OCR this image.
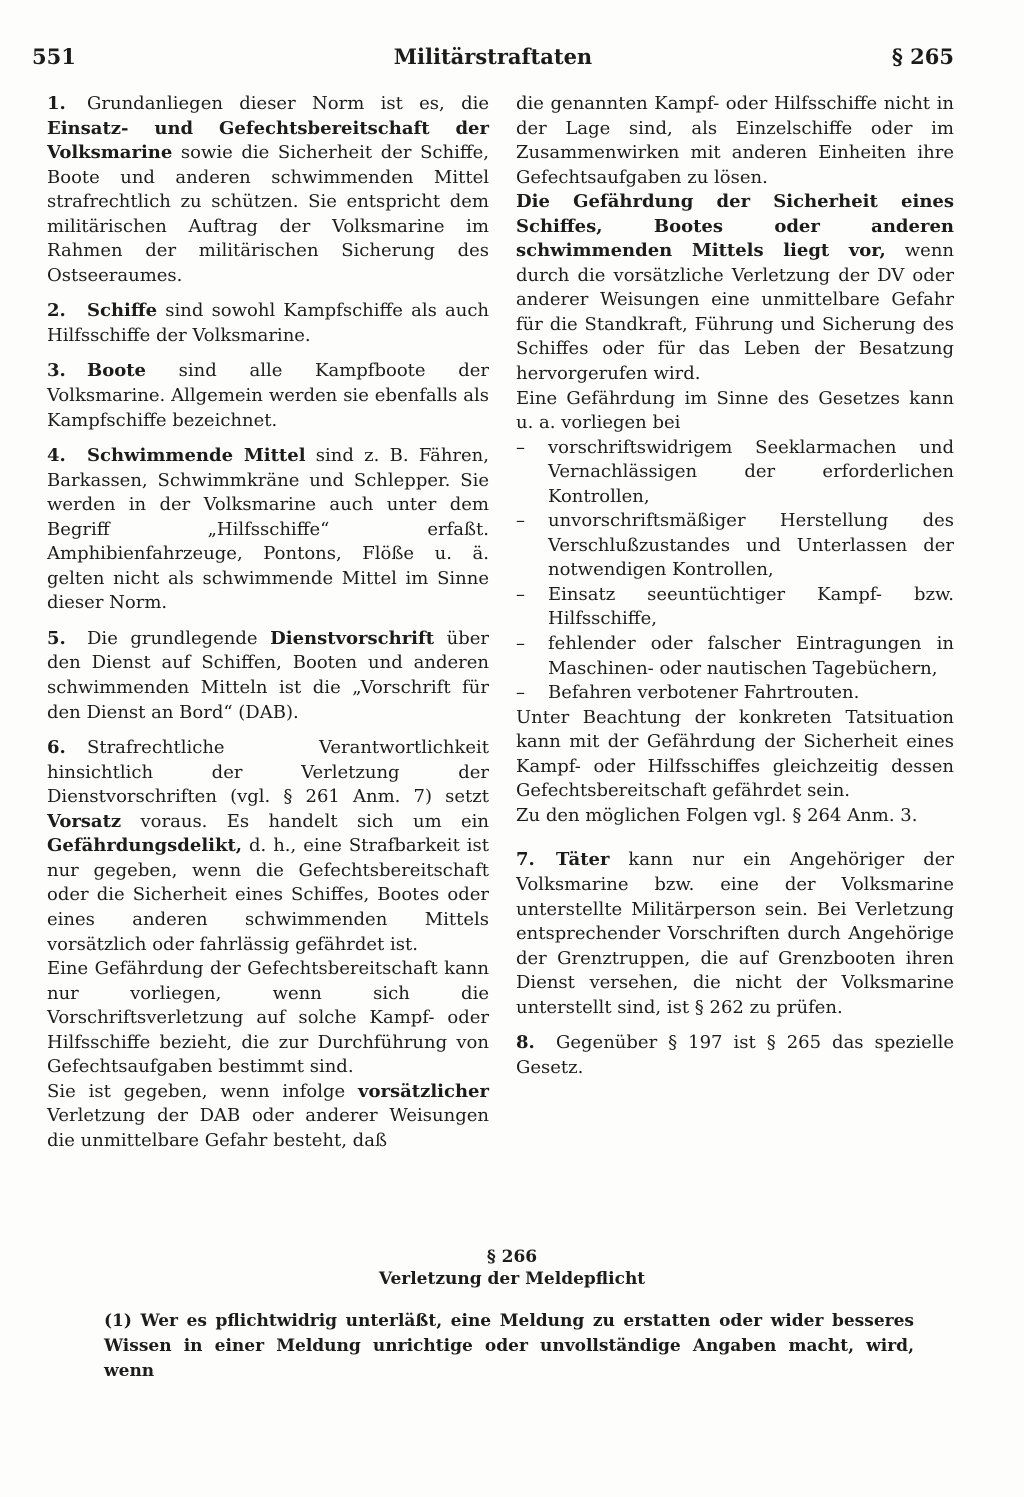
551	Militärstraftaten	§ 265

1. Grundanliegen dieser Norm ist es, die Einsatz- und Gefechtsbereitschaft der Volksmarine sowie die Sicherheit der Schiffe, Boote und anderen schwimmenden Mittel strafrechtlich zu schützen. Sie entspricht dem militärischen Auftrag der Volksmarine im Rahmen der militärischen Sicherung des Ostseeraumes.

2. Schiffe sind sowohl Kampfschiffe als auch Hilfsschiffe der Volksmarine.

3. Boote sind alle Kampfboote der Volksmarine. Allgemein werden sie ebenfalls als Kampfschiffe bezeichnet.

4. Schwimmende Mittel sind z. B. Fähren, Barkassen, Schwimmkräne und Schlepper. Sie werden in der Volksmarine auch unter dem Begriff „Hilfsschiffe“ erfaßt. Amphibienfahrzeuge, Pontons, Flöße u. ä. gelten nicht als schwimmende Mittel im Sinne dieser Norm.

5. Die grundlegende Dienstvorschrift über den Dienst auf Schiffen, Booten und anderen schwimmenden Mitteln ist die „Vorschrift für den Dienst an Bord“ (DAB).

6. Strafrechtliche Verantwortlichkeit hinsichtlich der Verletzung der Dienstvorschriften (vgl. § 261 Anm. 7) setzt Vorsatz voraus. Es handelt sich um ein Gefährdungsdelikt, d. h., eine Strafbarkeit ist nur gegeben, wenn die Gefechtsbereitschaft oder die Sicherheit eines Schiffes, Bootes oder eines anderen schwimmenden Mittels vorsätzlich oder fahrlässig gefährdet ist.

Eine Gefährdung der Gefechtsbereitschaft kann nur vorliegen, wenn sich die Vorschriftsverletzung auf solche Kampf- oder Hilfsschiffe bezieht, die zur Durchführung von Gefechtsaufgaben bestimmt sind.

Sie ist gegeben, wenn infolge vorsätzlicher Verletzung der DAB oder anderer Weisungen die unmittelbare Gefahr besteht, daß

die genannten Kampf- oder Hilfsschiffe nicht in der Lage sind, als Einzelschiffe oder im Zusammenwirken mit anderen Einheiten ihre Gefechtsaufgaben zu lösen.

Die Gefährdung der Sicherheit eines Schiffes, Bootes oder anderen schwimmenden Mittels liegt vor, wenn durch die vorsätzliche Verletzung der DV oder anderer Weisungen eine unmittelbare Gefahr für die Standkraft, Führung und Sicherung des Schiffes oder für das Leben der Besatzung hervorgerufen wird.

Eine Gefährdung im Sinne des Gesetzes kann u. a. vorliegen bei

– vorschriftswidrigem Seeklarmachen und Vernachlässigen der erforderlichen Kontrollen,
– unvorschriftsmäßiger Herstellung des Verschlußzustandes und Unterlassen der notwendigen Kontrollen,
– Einsatz seeuntüchtiger Kampf- bzw. Hilfsschiffe,
– fehlender oder falscher Eintragungen in Maschinen- oder nautischen Tagebüchern,
– Befahren verbotener Fahrtrouten.

Unter Beachtung der konkreten Tatsituation kann mit der Gefährdung der Sicherheit eines Kampf- oder Hilfsschiffes gleichzeitig dessen Gefechtsbereitschaft gefährdet sein.

Zu den möglichen Folgen vgl. § 264 Anm. 3.

7. Täter kann nur ein Angehöriger der Volksmarine bzw. eine der Volksmarine unterstellte Militärperson sein. Bei Verletzung entsprechender Vorschriften durch Angehörige der Grenztruppen, die auf Grenzbooten ihren Dienst versehen, die nicht der Volksmarine unterstellt sind, ist § 262 zu prüfen.

8. Gegenüber § 197 ist § 265 das spezielle Gesetz.

§ 266
Verletzung der Meldepflicht

(1) Wer es pflichtwidrig unterläßt, eine Meldung zu erstatten oder wider besseres Wissen in einer Meldung unrichtige oder unvollständige Angaben macht, wird, wenn
